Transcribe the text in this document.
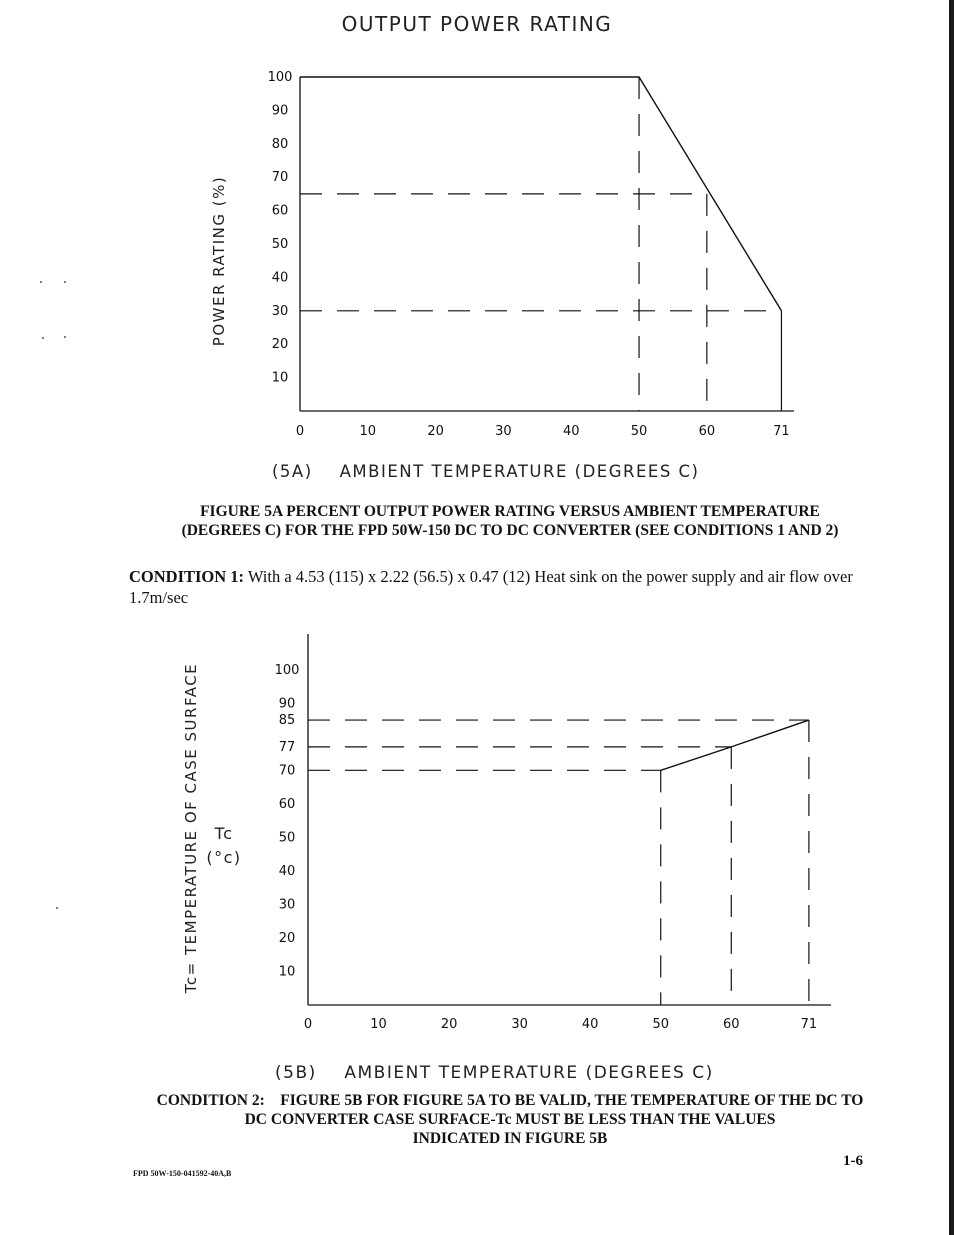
OUTPUT POWER RATING
POWER RATING (%)
10
20
30
40
50
60
70
80
90
100
0	10	20	30	40	50	60	71
(5A)    AMBIENT TEMPERATURE (DEGREES C)
FIGURE 5A PERCENT OUTPUT POWER RATING VERSUS AMBIENT TEMPERATURE
(DEGREES C) FOR THE FPD 50W-150 DC TO DC CONVERTER (SEE CONDITIONS 1 AND 2)
CONDITION 1: With a 4.53 (115) x 2.22 (56.5) x 0.47 (12) Heat sink on the power supply and air flow over 1.7m/sec
Tc= TEMPERATURE OF CASE SURFACE Tc
(°c)
10
20
30
40
50
60
70
77
85
90
100
0	10	20	30	40	50	60	71
(5B)    AMBIENT TEMPERATURE (DEGREES C)
CONDITION 2: FIGURE 5B FOR FIGURE 5A TO BE VALID, THE TEMPERATURE OF THE DC TO
DC CONVERTER CASE SURFACE-Tc MUST BE LESS THAN THE VALUES
INDICATED IN FIGURE 5B
FPD 50W-150-041592-40A,B
1-6
